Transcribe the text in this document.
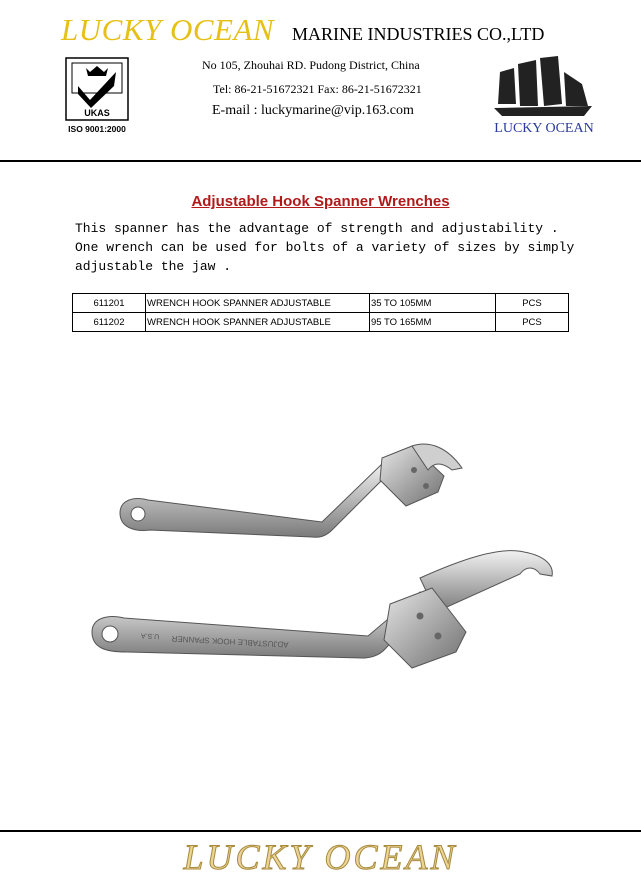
LUCKY OCEAN MARINE INDUSTRIES CO.,LTD
No 105, Zhouhai RD. Pudong District, China
Tel: 86-21-51672321 Fax: 86-21-51672321
E-mail : luckymarine@vip.163.com
UKAS
ISO 9001:2000	LUCKY OCEAN
Adjustable Hook Spanner Wrenches
This spanner has the advantage of strength and adjustability .
One wrench can be used for bolts of a variety of sizes by simply
adjustable the jaw .
611201	WRENCH HOOK SPANNER ADJUSTABLE	35 TO 105MM	PCS
611202	WRENCH HOOK SPANNER ADJUSTABLE	95 TO 165MM	PCS
ADJUSTABLE HOOK SPANNER
U.S.A
LUCKY OCEAN
